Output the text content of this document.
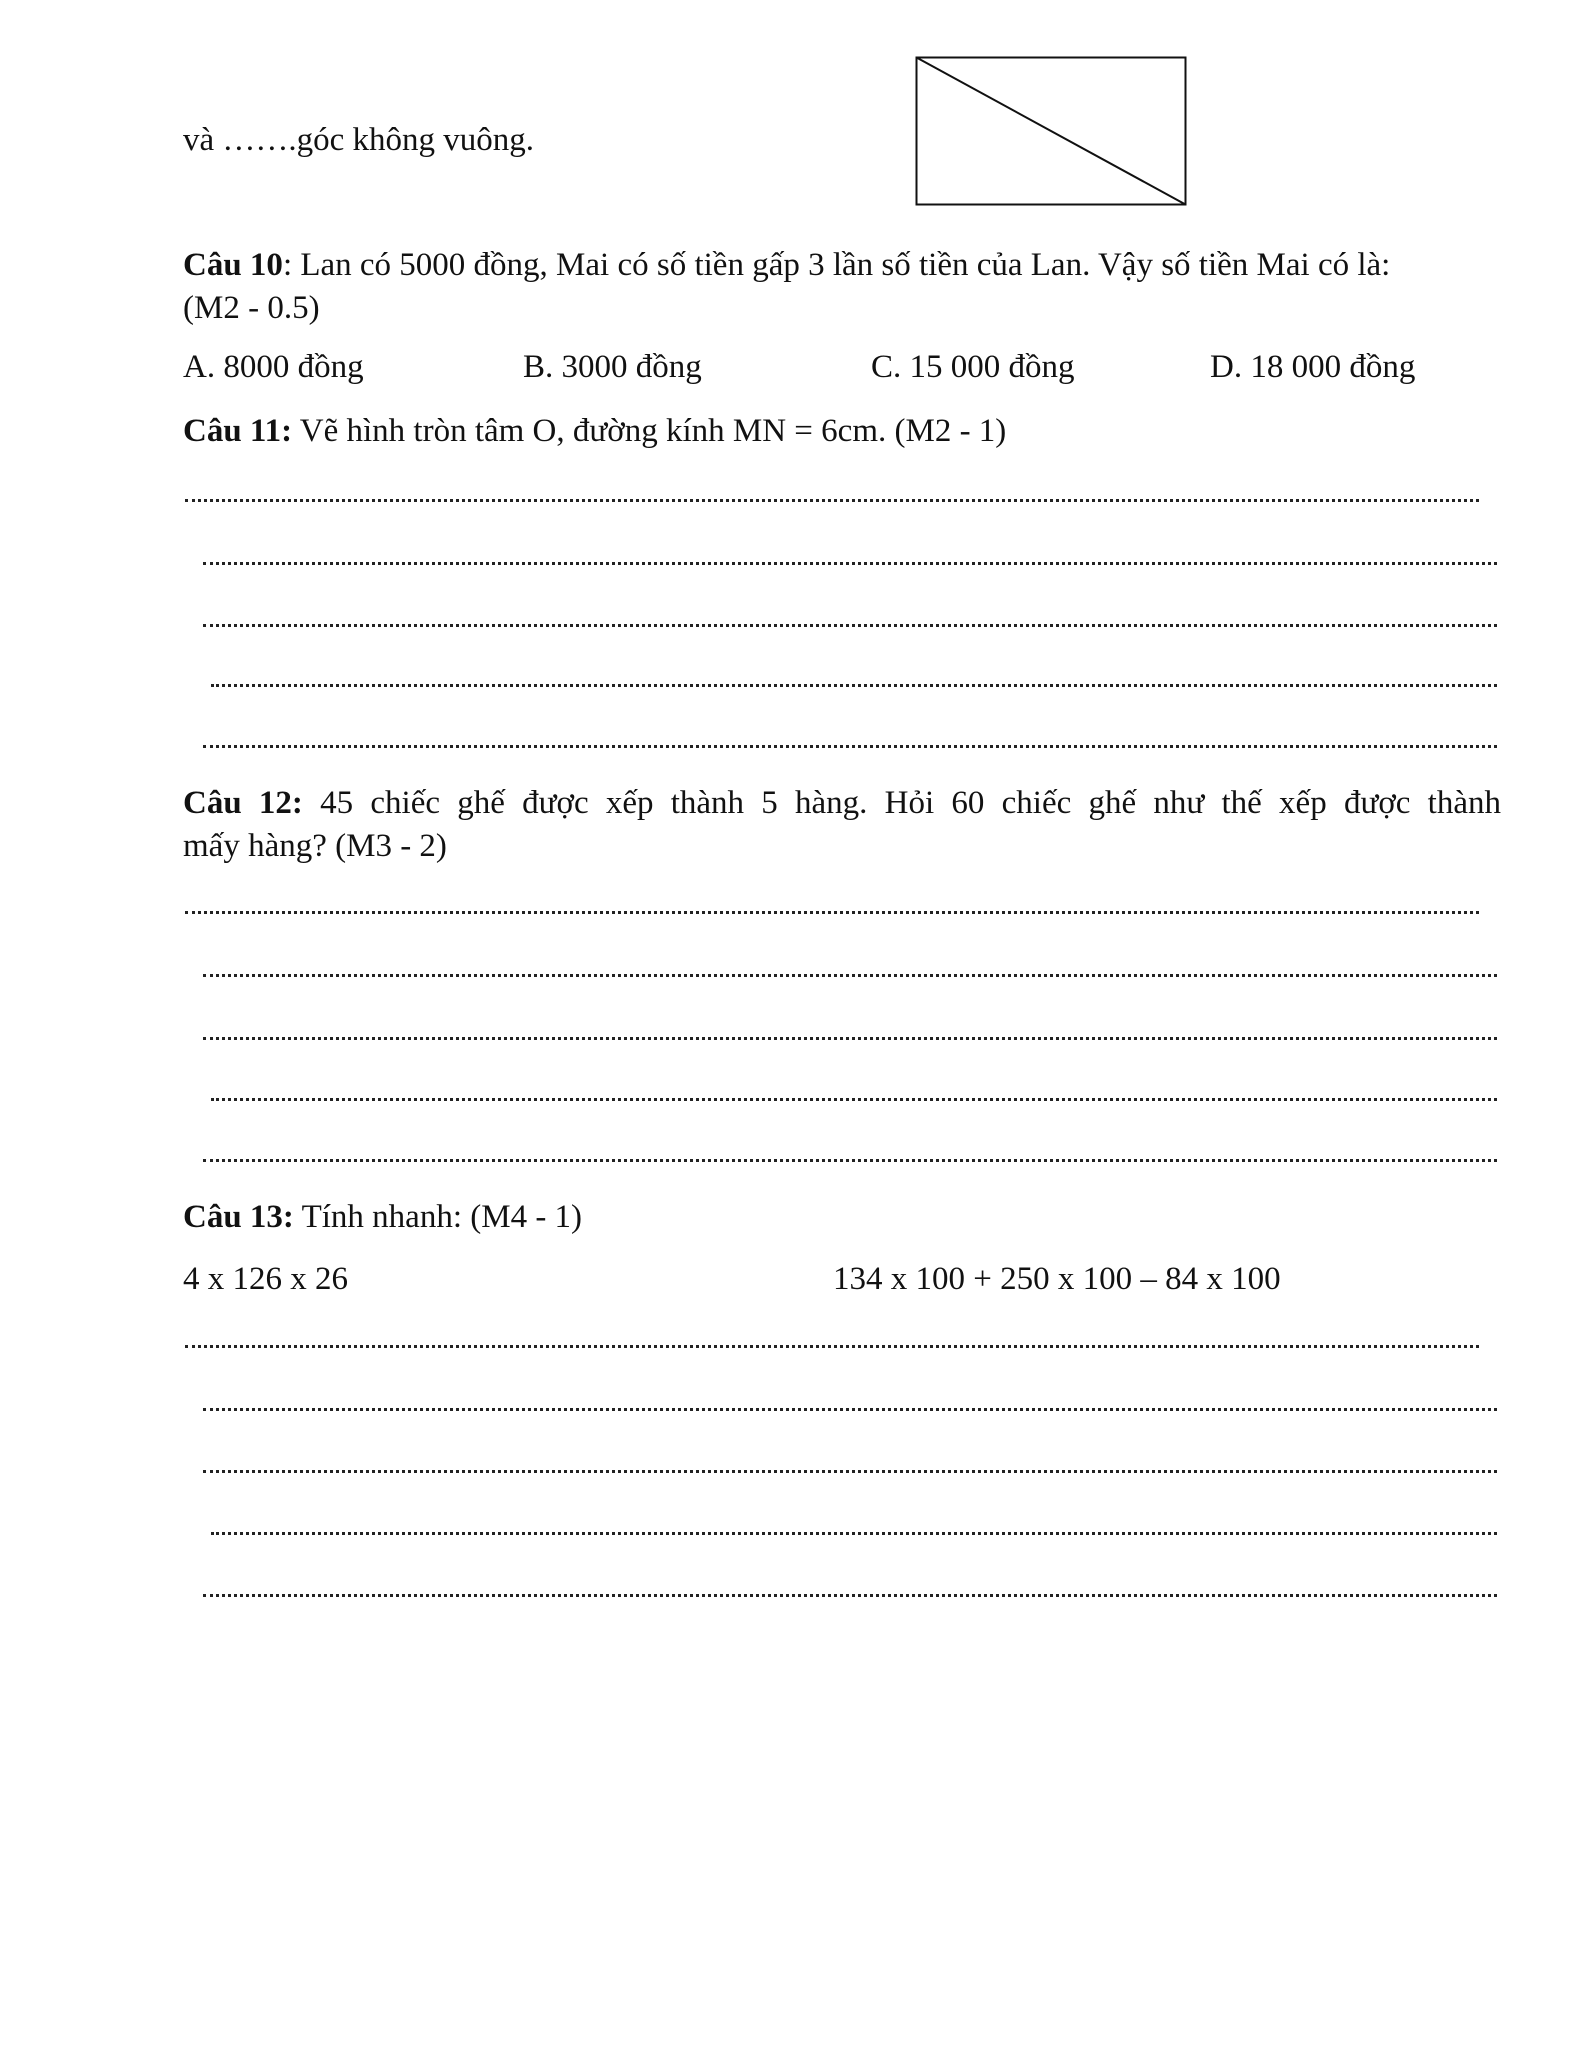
và …….góc không vuông.
Câu 10: Lan có 5000 đồng, Mai có số tiền gấp 3 lần số tiền của Lan. Vậy số tiền Mai có là:
(M2 - 0.5)
A. 8000 đồng	B. 3000 đồng	C. 15 000 đồng	D. 18 000 đồng
Câu 11: Vẽ hình tròn tâm O, đường kính MN = 6cm. (M2 - 1)
Câu 12: 45 chiếc ghế được xếp thành 5 hàng. Hỏi 60 chiếc ghế như thế xếp được thành
mấy hàng? (M3 - 2)
Câu 13: Tính nhanh: (M4 - 1)
4 x 126 x 26	134 x 100 + 250 x 100 – 84 x 100
